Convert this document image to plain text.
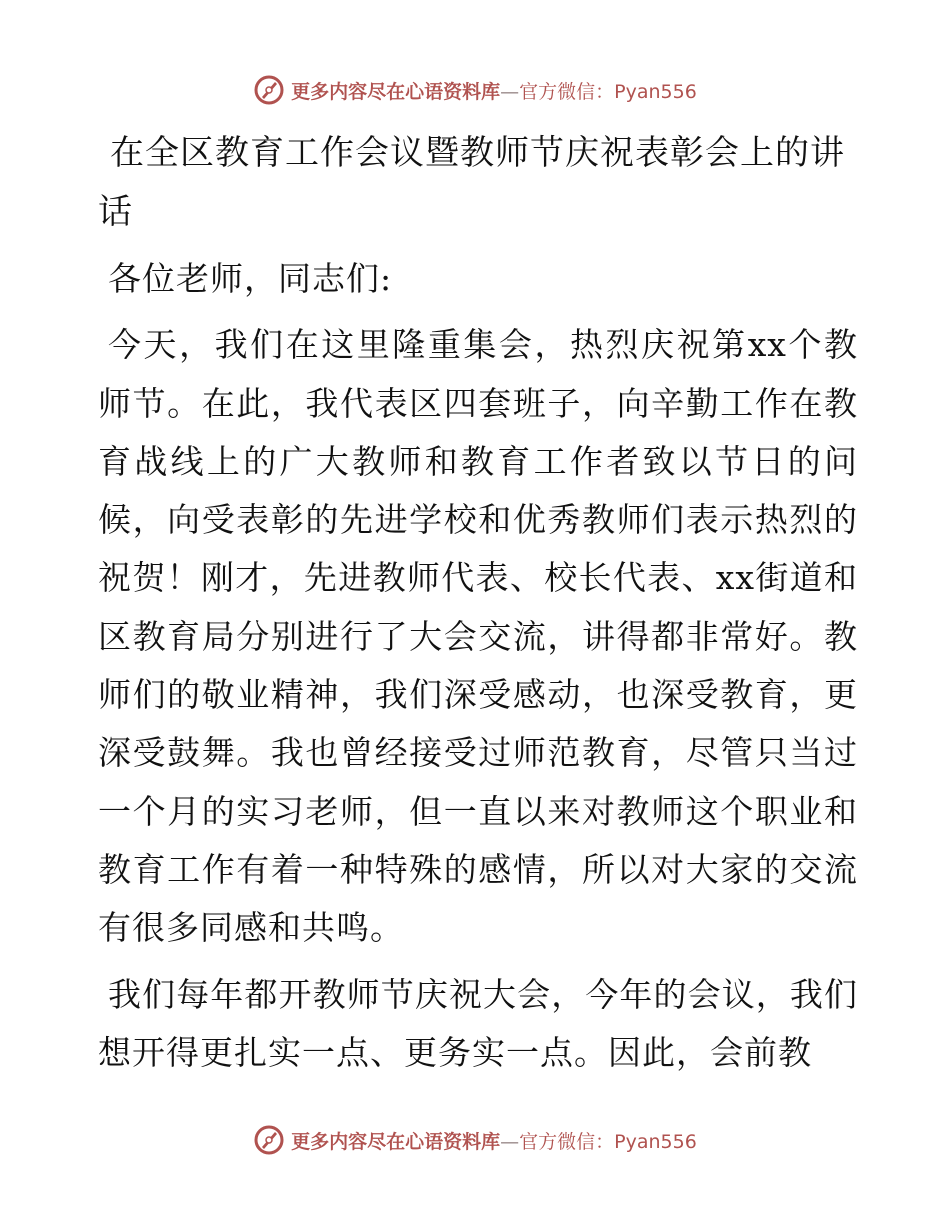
更多内容尽在心语资料库—官方微信：Pyan556
在全区教育工作会议暨教师节庆祝表彰会上的讲
话

各位老师，同志们:

今天，我们在这里隆重集会，热烈庆祝第xx个教师节。在此，我代表区四套班子，向辛勤工作在教育战线上的广大教师和教育工作者致以节日的问候，向受表彰的先进学校和优秀教师们表示热烈的祝贺！刚才，先进教师代表、校长代表、xx街道和区教育局分别进行了大会交流，讲得都非常好。教师们的敬业精神，我们深受感动，也深受教育，更深受鼓舞。我也曾经接受过师范教育，尽管只当过一个月的实习老师，但一直以来对教师这个职业和教育工作有着一种特殊的感情，所以对大家的交流有很多同感和共鸣。

我们每年都开教师节庆祝大会，今年的会议，我们想开得更扎实一点、更务实一点。因此，会前教

更多内容尽在心语资料库—官方微信：Pyan556
